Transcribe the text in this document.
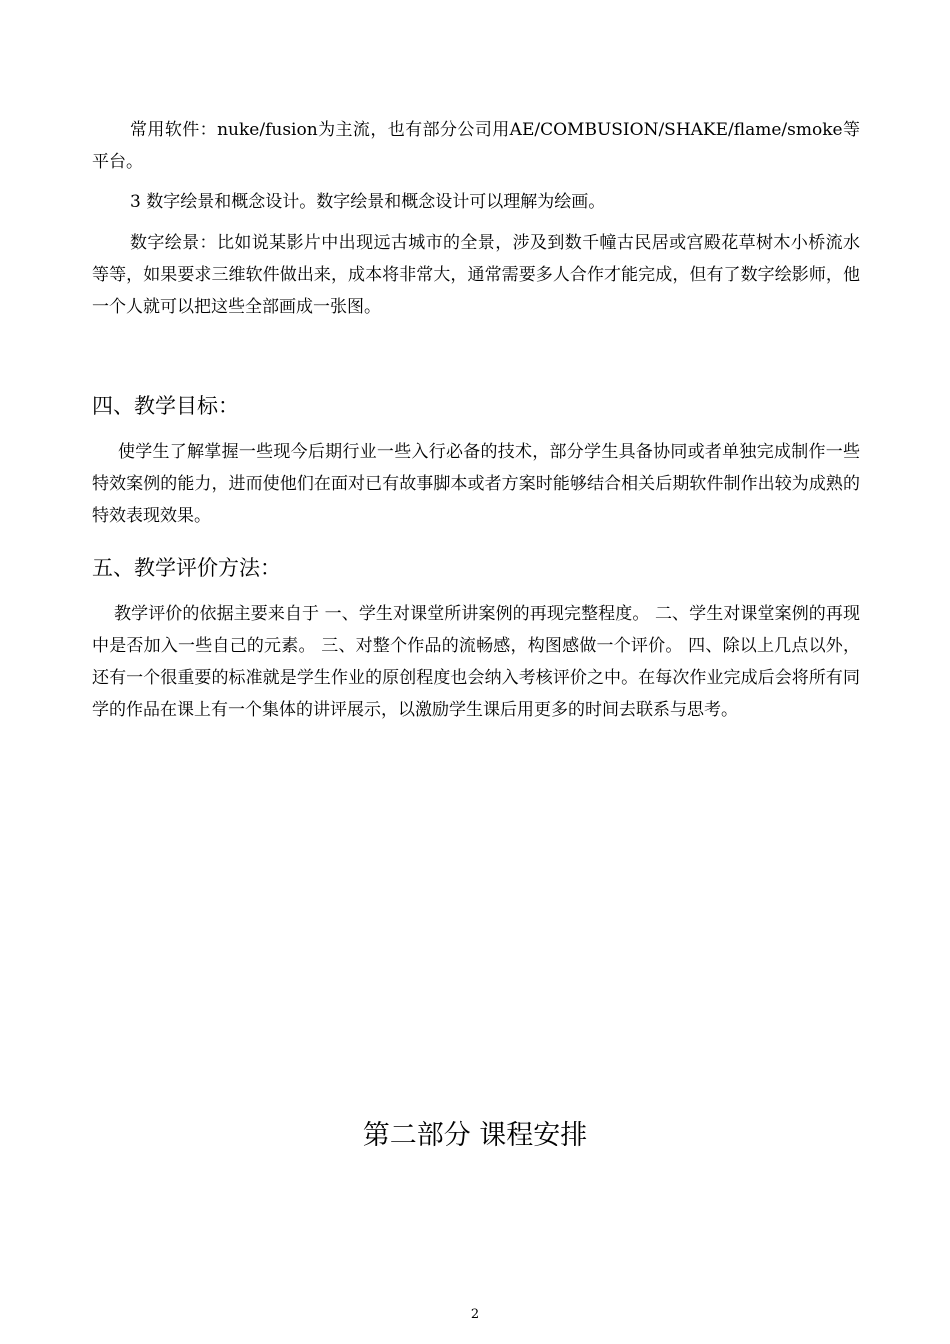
常用软件：nuke/fusion为主流，也有部分公司用AE/COMBUSION/SHAKE/flame/smoke等平台。

3 数字绘景和概念设计。数字绘景和概念设计可以理解为绘画。

数字绘景：比如说某影片中出现远古城市的全景，涉及到数千幢古民居或宫殿花草树木小桥流水等等，如果要求三维软件做出来，成本将非常大，通常需要多人合作才能完成，但有了数字绘影师，他一个人就可以把这些全部画成一张图。

四、教学目标：

使学生了解掌握一些现今后期行业一些入行必备的技术，部分学生具备协同或者单独完成制作一些特效案例的能力，进而使他们在面对已有故事脚本或者方案时能够结合相关后期软件制作出较为成熟的特效表现效果。

五、教学评价方法：

教学评价的依据主要来自于 一、学生对课堂所讲案例的再现完整程度。 二、学生对课堂案例的再现中是否加入一些自己的元素。 三、对整个作品的流畅感，构图感做一个评价。 四、除以上几点以外，还有一个很重要的标准就是学生作业的原创程度也会纳入考核评价之中。在每次作业完成后会将所有同学的作品在课上有一个集体的讲评展示，以激励学生课后用更多的时间去联系与思考。

第二部分 课程安排
2
